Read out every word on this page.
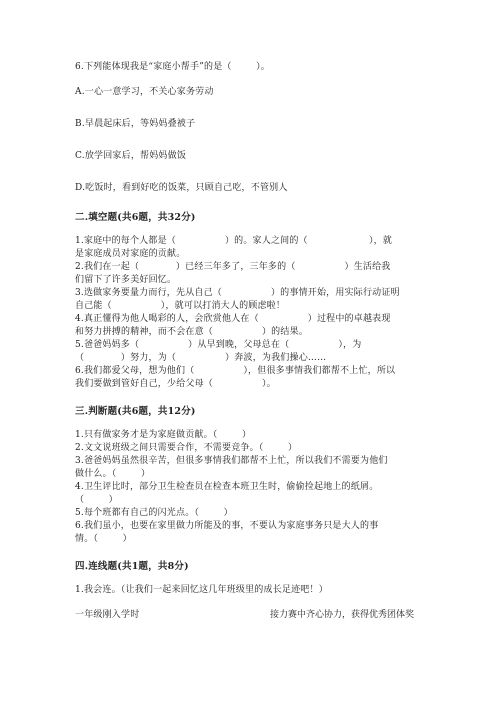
6.下列能体现我是“家庭小帮手”的是（        ）。
A.一心一意学习，不关心家务劳动
B.早晨起床后，等妈妈叠被子
C.放学回家后，帮妈妈做饭
D.吃饭时，看到好吃的饭菜，只顾自己吃，不管别人
二.填空题(共6题，共32分)
1.家庭中的每个人都是（                ）的。家人之间的（                    ），就
是家庭成员对家庭的贡献。
2.我们在一起（            ）已经三年多了，三年多的（                ）生活给我
们留下了许多美好回忆。
3.选做家务要量力而行，先从自己（                ）的事情开始，用实际行动证明
自己能（                ），就可以打消大人的顾虑啦！
4.真正懂得为他人喝彩的人，会欣赏他人在（                ）过程中的卓越表现
和努力拼搏的精神，而不会在意（                ）的结果。
5.爸爸妈妈多（                ）从早到晚，父母总在（                ），为
（            ）努力，为（                ）奔波，为我们操心……
6.我们都爱父母，想为他们（                ），但很多事情我们都帮不上忙，所以
我们要做到管好自己，少给父母（                ）。
三.判断题(共6题，共12分)
1.只有做家务才是为家庭做贡献。（        ）
2.文文说班级之间只需要合作，不需要竞争。（        ）
3.爸爸妈妈虽然很辛苦，但很多事情我们都帮不上忙，所以我们不需要为他们
做什么。（        ）
4.卫生评比时，部分卫生检查员在检查本班卫生时，偷偷捡起地上的纸屑。
（        ）
5.每个班都有自己的闪光点。（        ）
6.我们虽小，也要在家里做力所能及的事，不要认为家庭事务只是大人的事
情。（        ）
四.连线题(共1题，共8分)
1.我会连。（让我们一起来回忆这几年班级里的成长足迹吧！）
一年级刚入学时	接力赛中齐心协力，获得优秀团体奖
